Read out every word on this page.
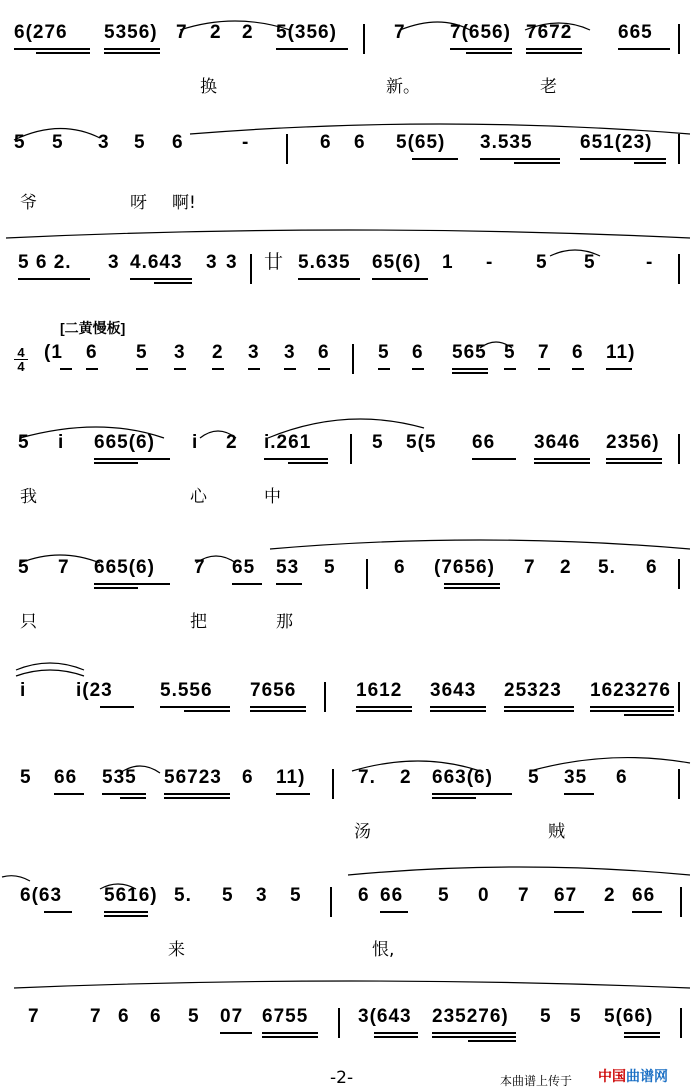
6(276 5356) 7 2 2 5(356)	7 7(656) 7672 665
换	新。	老
5 5 3 5 6	-	6 6 5(65) 3.535 651(23)
爷	呀 啊!
5 6 2. 3 4.643 3 3 廿 5.635 65(6) 1 - 5 5	-
[二黄慢板]
4
4
(1 6 5 3 2 3 3 6	5 6 565 5 7 6 11)
5 i 665(6) i 2 i.261	5 5(5 66 3646 2356)
我	心	中
5 7 665(6) 7 65 53 5	6 (7656) 7 2 5. 6
只	把	那
i	i(23 5.556 7656	1612 3643 25323 1623276
5 66 535 56723 6 11)	7. 2 663(6) 5 35 6
汤	贼
6(63 5616) 5. 5 3 5	6 66 5 0 7 67 2 66
来	恨,
7	7 6 6 5 07 6755	3(643 235276) 5 5 5(66)
-2-	本曲谱上传于 中国曲谱网
